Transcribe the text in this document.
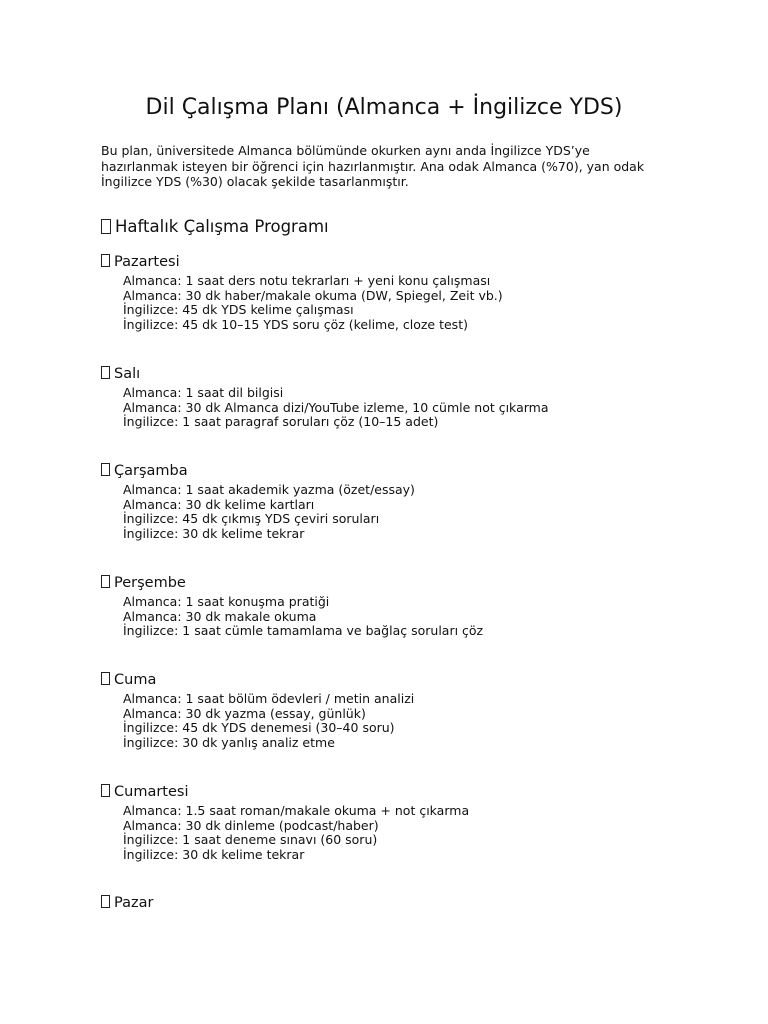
Dil Çalışma Planı (Almanca + İngilizce YDS)
Bu plan, üniversitede Almanca bölümünde okurken aynı anda İngilizce YDS’ye
hazırlanmak isteyen bir öğrenci için hazırlanmıştır. Ana odak Almanca (%70), yan odak
İngilizce YDS (%30) olacak şekilde tasarlanmıştır.
Haftalık Çalışma Programı
Pazartesi
Almanca: 1 saat ders notu tekrarları + yeni konu çalışması
Almanca: 30 dk haber/makale okuma (DW, Spiegel, Zeit vb.)
İngilizce: 45 dk YDS kelime çalışması
İngilizce: 45 dk 10–15 YDS soru çöz (kelime, cloze test)
Salı
Almanca: 1 saat dil bilgisi
Almanca: 30 dk Almanca dizi/YouTube izleme, 10 cümle not çıkarma
İngilizce: 1 saat paragraf soruları çöz (10–15 adet)
Çarşamba
Almanca: 1 saat akademik yazma (özet/essay)
Almanca: 30 dk kelime kartları
İngilizce: 45 dk çıkmış YDS çeviri soruları
İngilizce: 30 dk kelime tekrar
Perşembe
Almanca: 1 saat konuşma pratiği
Almanca: 30 dk makale okuma
İngilizce: 1 saat cümle tamamlama ve bağlaç soruları çöz
Cuma
Almanca: 1 saat bölüm ödevleri / metin analizi
Almanca: 30 dk yazma (essay, günlük)
İngilizce: 45 dk YDS denemesi (30–40 soru)
İngilizce: 30 dk yanlış analiz etme
Cumartesi
Almanca: 1.5 saat roman/makale okuma + not çıkarma
Almanca: 30 dk dinleme (podcast/haber)
İngilizce: 1 saat deneme sınavı (60 soru)
İngilizce: 30 dk kelime tekrar
Pazar
